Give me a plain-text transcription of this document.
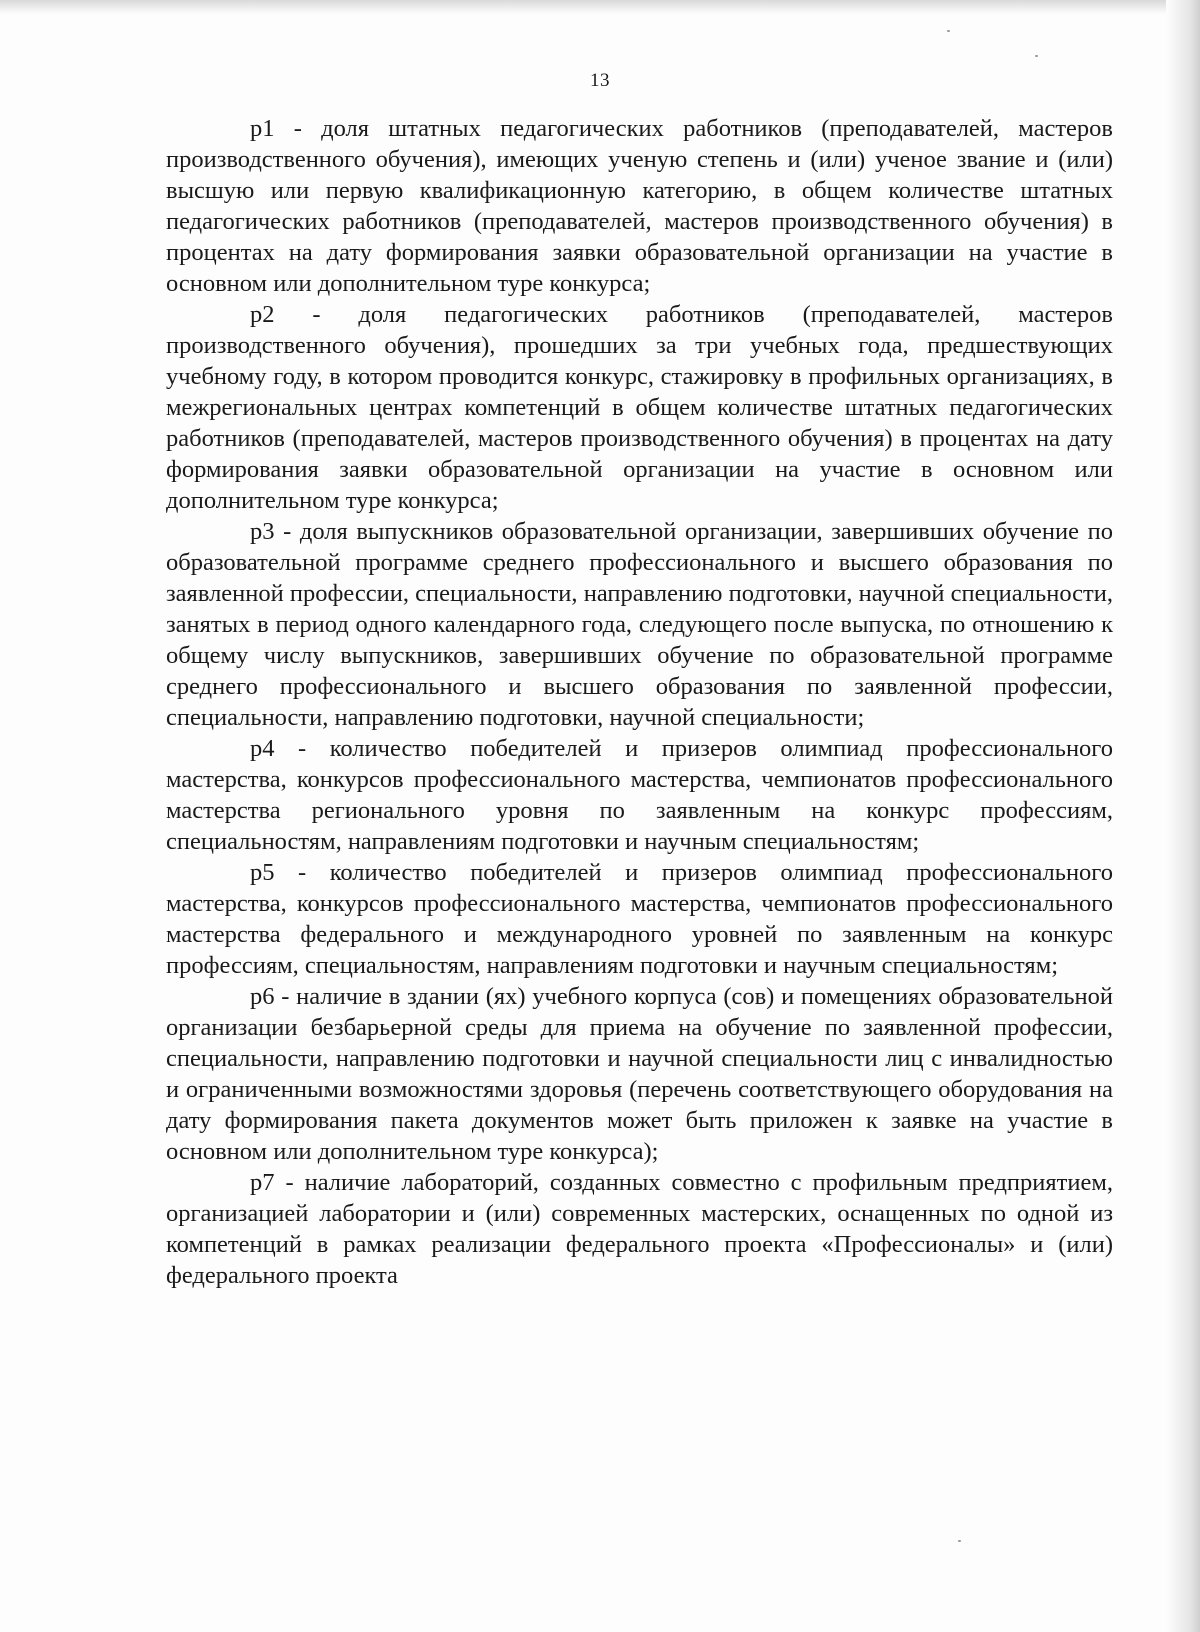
13

р1 - доля штатных педагогических работников (преподавателей, мастеров производственного обучения), имеющих ученую степень и (или) ученое звание и (или) высшую или первую квалификационную категорию, в общем количестве штатных педагогических работников (преподавателей, мастеров производственного обучения) в процентах на дату формирования заявки образовательной организации на участие в основном или дополнительном туре конкурса;

р2 - доля педагогических работников (преподавателей, мастеров производственного обучения), прошедших за три учебных года, предшествующих учебному году, в котором проводится конкурс, стажировку в профильных организациях, в межрегиональных центрах компетенций в общем количестве штатных педагогических работников (преподавателей, мастеров производственного обучения) в процентах на дату формирования заявки образовательной организации на участие в основном или дополнительном туре конкурса;

р3 - доля выпускников образовательной организации, завершивших обучение по образовательной программе среднего профессионального и высшего образования по заявленной профессии, специальности, направлению подготовки, научной специальности, занятых в период одного календарного года, следующего после выпуска, по отношению к общему числу выпускников, завершивших обучение по образовательной программе среднего профессионального и высшего образования по заявленной профессии, специальности, направлению подготовки, научной специальности;

р4 - количество победителей и призеров олимпиад профессионального мастерства, конкурсов профессионального мастерства, чемпионатов профессионального мастерства регионального уровня по заявленным на конкурс профессиям, специальностям, направлениям подготовки и научным специальностям;

р5 - количество победителей и призеров олимпиад профессионального мастерства, конкурсов профессионального мастерства, чемпионатов профессионального мастерства федерального и международного уровней по заявленным на конкурс профессиям, специальностям, направлениям подготовки и научным специальностям;

р6 - наличие в здании (ях) учебного корпуса (сов) и помещениях образовательной организации безбарьерной среды для приема на обучение по заявленной профессии, специальности, направлению подготовки и научной специальности лиц с инвалидностью и ограниченными возможностями здоровья (перечень соответствующего оборудования на дату формирования пакета документов может быть приложен к заявке на участие в основном или дополнительном туре конкурса);

р7 - наличие лабораторий, созданных совместно с профильным предприятием, организацией лаборатории и (или) современных мастерских, оснащенных по одной из компетенций в рамках реализации федерального проекта «Профессионалы» и (или) федерального проекта
